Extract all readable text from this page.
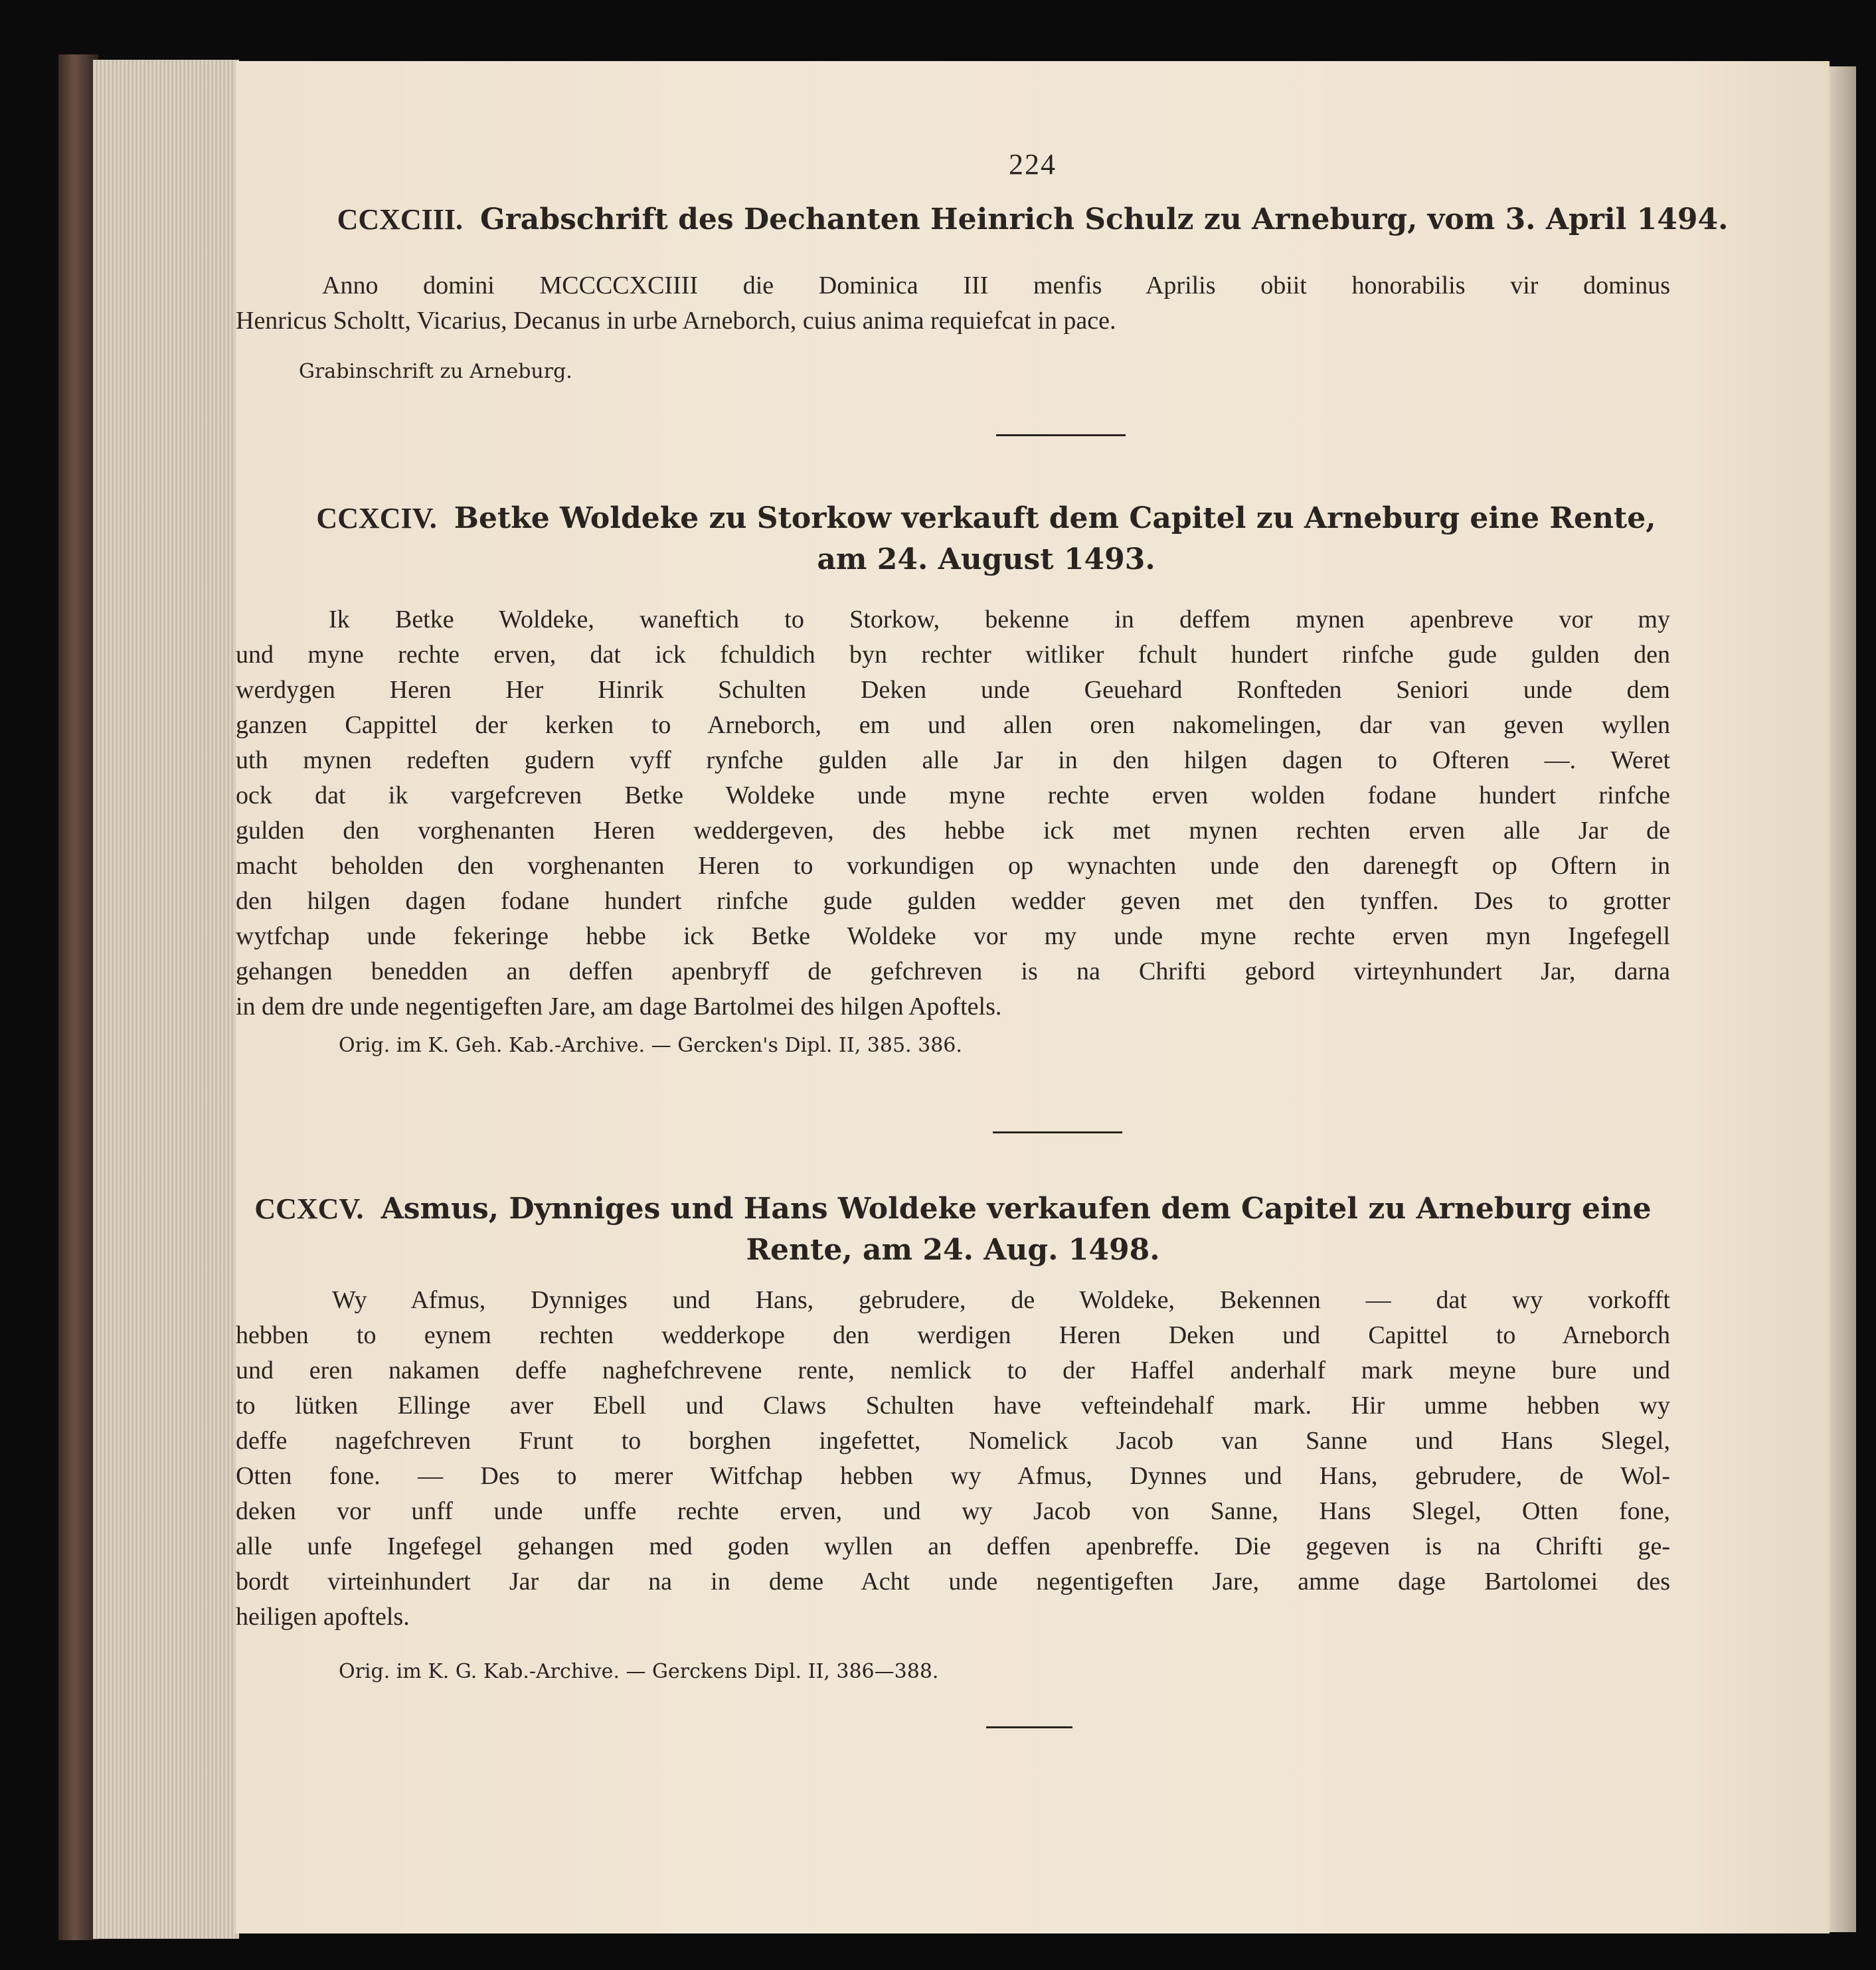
224
CCXCIII. Grabschrift des Dechanten Heinrich Schulz zu Arneburg, vom 3. April 1494.
Anno domini MCCCCXCIIII die Dominica III menfis Aprilis obiit honorabilis vir dominus
Henricus Scholtt, Vicarius, Decanus in urbe Arneborch, cuius anima requiefcat in pace.
Grabinschrift zu Arneburg.
CCXCIV. Betke Woldeke zu Storkow verkauft dem Capitel zu Arneburg eine Rente,
am 24. August 1493.
Ik Betke Woldeke, waneftich to Storkow, bekenne in deffem mynen apenbreve vor my
und myne rechte erven, dat ick fchuldich byn rechter witliker fchult hundert rinfche gude gulden den
werdygen Heren Her Hinrik Schulten Deken unde Geuehard Ronfteden Seniori unde dem
ganzen Cappittel der kerken to Arneborch, em und allen oren nakomelingen, dar van geven wyllen
uth mynen redeften gudern vyff rynfche gulden alle Jar in den hilgen dagen to Ofteren —. Weret
ock dat ik vargefcreven Betke Woldeke unde myne rechte erven wolden fodane hundert rinfche
gulden den vorghenanten Heren weddergeven, des hebbe ick met mynen rechten erven alle Jar de
macht beholden den vorghenanten Heren to vorkundigen op wynachten unde den darenegft op Oftern in
den hilgen dagen fodane hundert rinfche gude gulden wedder geven met den tynffen. Des to grotter
wytfchap unde fekeringe hebbe ick Betke Woldeke vor my unde myne rechte erven myn Ingefegell
gehangen benedden an deffen apenbryff de gefchreven is na Chrifti gebord virteynhundert Jar, darna
in dem dre unde negentigeften Jare, am dage Bartolmei des hilgen Apoftels.
Orig. im K. Geh. Kab.-Archive. — Gercken's Dipl. II, 385. 386.
CCXCV. Asmus, Dynniges und Hans Woldeke verkaufen dem Capitel zu Arneburg eine
Rente, am 24. Aug. 1498.
Wy Afmus, Dynniges und Hans, gebrudere, de Woldeke, Bekennen — dat wy vorkofft
hebben to eynem rechten wedderkope den werdigen Heren Deken und Capittel to Arneborch
und eren nakamen deffe naghefchrevene rente, nemlick to der Haffel anderhalf mark meyne bure und
to lütken Ellinge aver Ebell und Claws Schulten have vefteindehalf mark. Hir umme hebben wy
deffe nagefchreven Frunt to borghen ingefettet, Nomelick Jacob van Sanne und Hans Slegel,
Otten fone. — Des to merer Witfchap hebben wy Afmus, Dynnes und Hans, gebrudere, de Wol-
deken vor unff unde unffe rechte erven, und wy Jacob von Sanne, Hans Slegel, Otten fone,
alle unfe Ingefegel gehangen med goden wyllen an deffen apenbreffe. Die gegeven is na Chrifti ge-
bordt virteinhundert Jar dar na in deme Acht unde negentigeften Jare, amme dage Bartolomei des
heiligen apoftels.
Orig. im K. G. Kab.-Archive. — Gerckens Dipl. II, 386—388.
